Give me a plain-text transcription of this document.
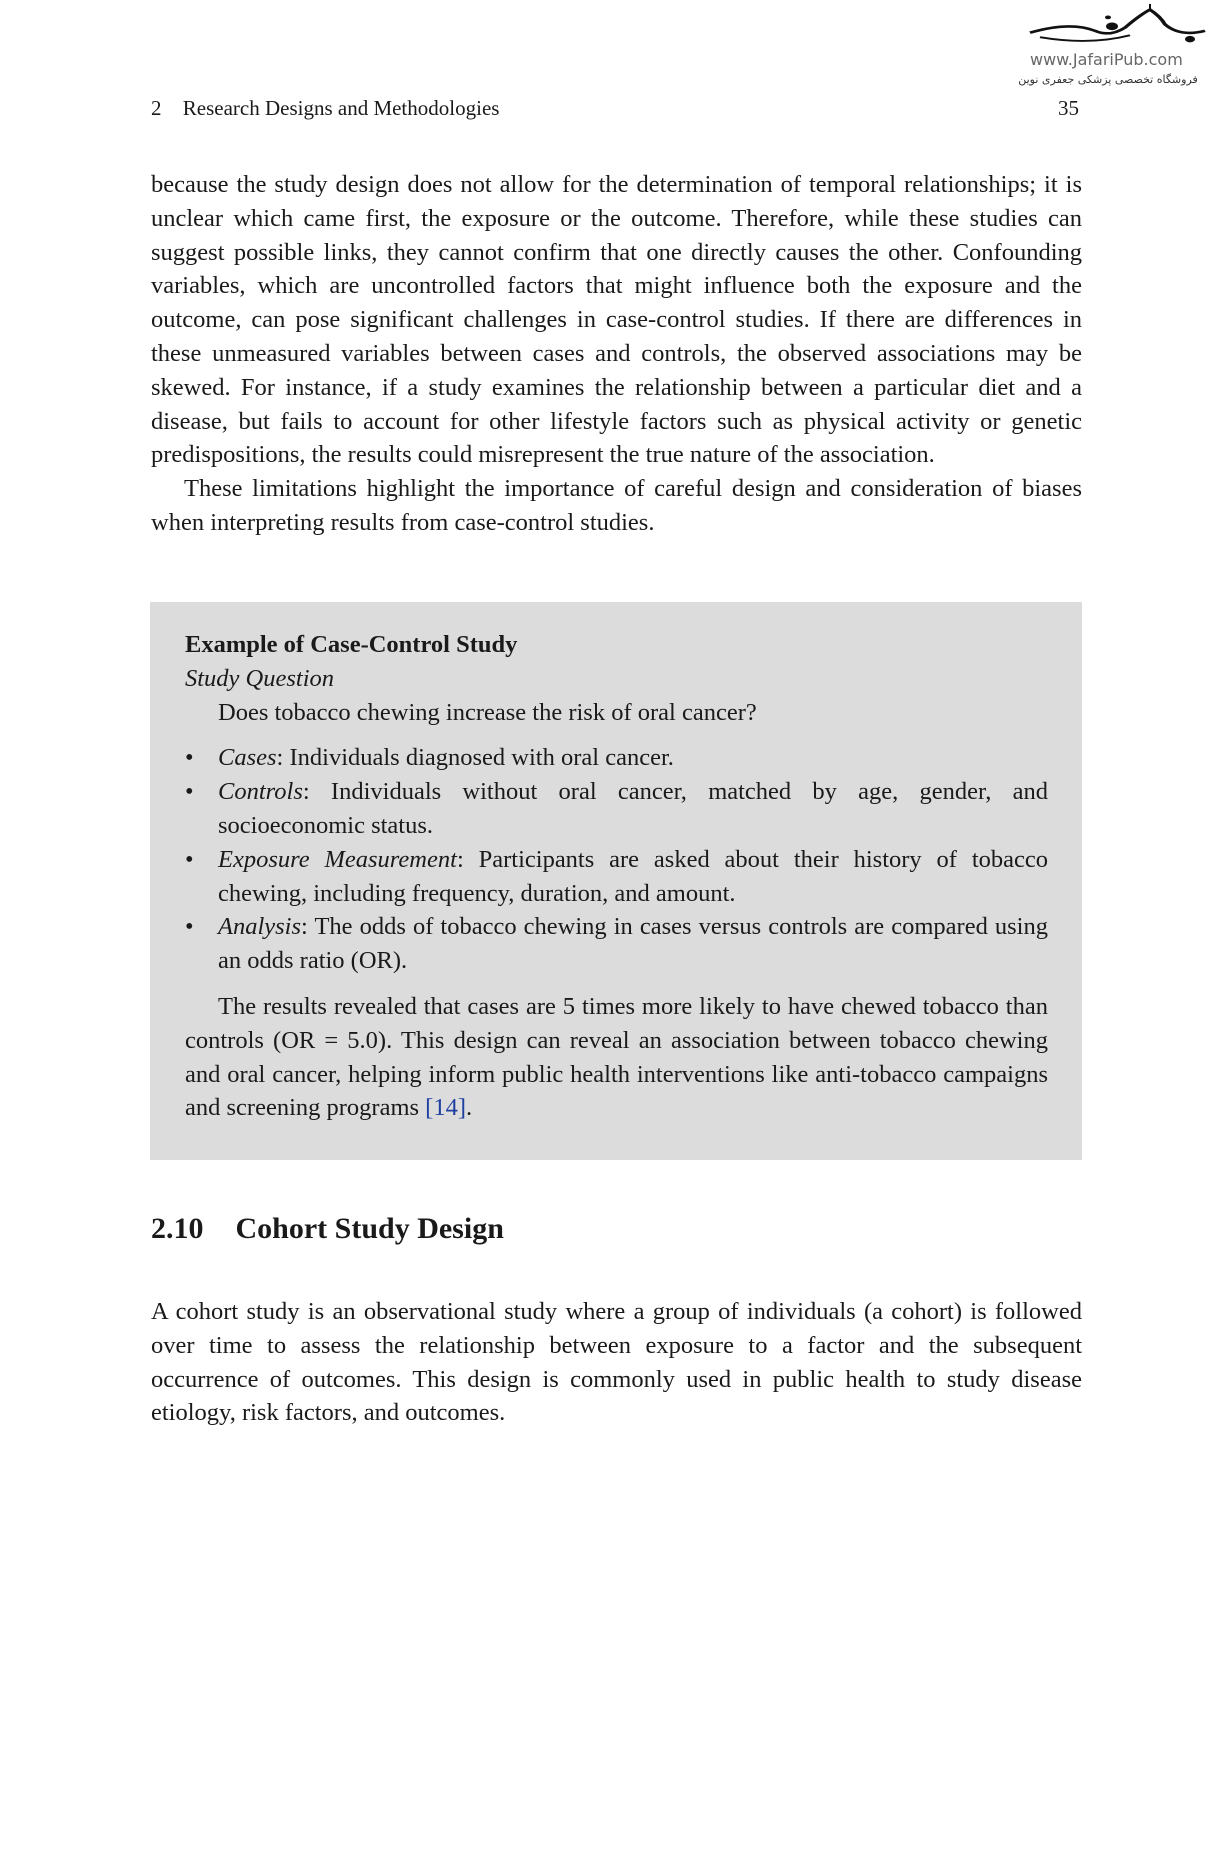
2 Research Designs and Methodologies
www.JafariPub.com
فروشگاه تخصصی پزشکی جعفری نوین
35

because the study design does not allow for the determination of temporal relationships; it is unclear which came first, the exposure or the outcome. Therefore, while these studies can suggest possible links, they cannot confirm that one directly causes the other. Confounding variables, which are uncontrolled factors that might influence both the exposure and the outcome, can pose significant challenges in case-control studies. If there are differences in these unmeasured variables between cases and controls, the observed associations may be skewed. For instance, if a study examines the relationship between a particular diet and a disease, but fails to account for other lifestyle factors such as physical activity or genetic predispositions, the results could misrepresent the true nature of the association.

These limitations highlight the importance of careful design and consideration of biases when interpreting results from case-control studies.

Example of Case-Control Study
Study Question
Does tobacco chewing increase the risk of oral cancer?
• Cases: Individuals diagnosed with oral cancer.
• Controls: Individuals without oral cancer, matched by age, gender, and socioeconomic status.
• Exposure Measurement: Participants are asked about their history of tobacco chewing, including frequency, duration, and amount.
• Analysis: The odds of tobacco chewing in cases versus controls are compared using an odds ratio (OR).
The results revealed that cases are 5 times more likely to have chewed tobacco than controls (OR = 5.0). This design can reveal an association between tobacco chewing and oral cancer, helping inform public health interventions like anti-tobacco campaigns and screening programs [14].
2.10 Cohort Study Design

A cohort study is an observational study where a group of individuals (a cohort) is followed over time to assess the relationship between exposure to a factor and the subsequent occurrence of outcomes. This design is commonly used in public health to study disease etiology, risk factors, and outcomes.
